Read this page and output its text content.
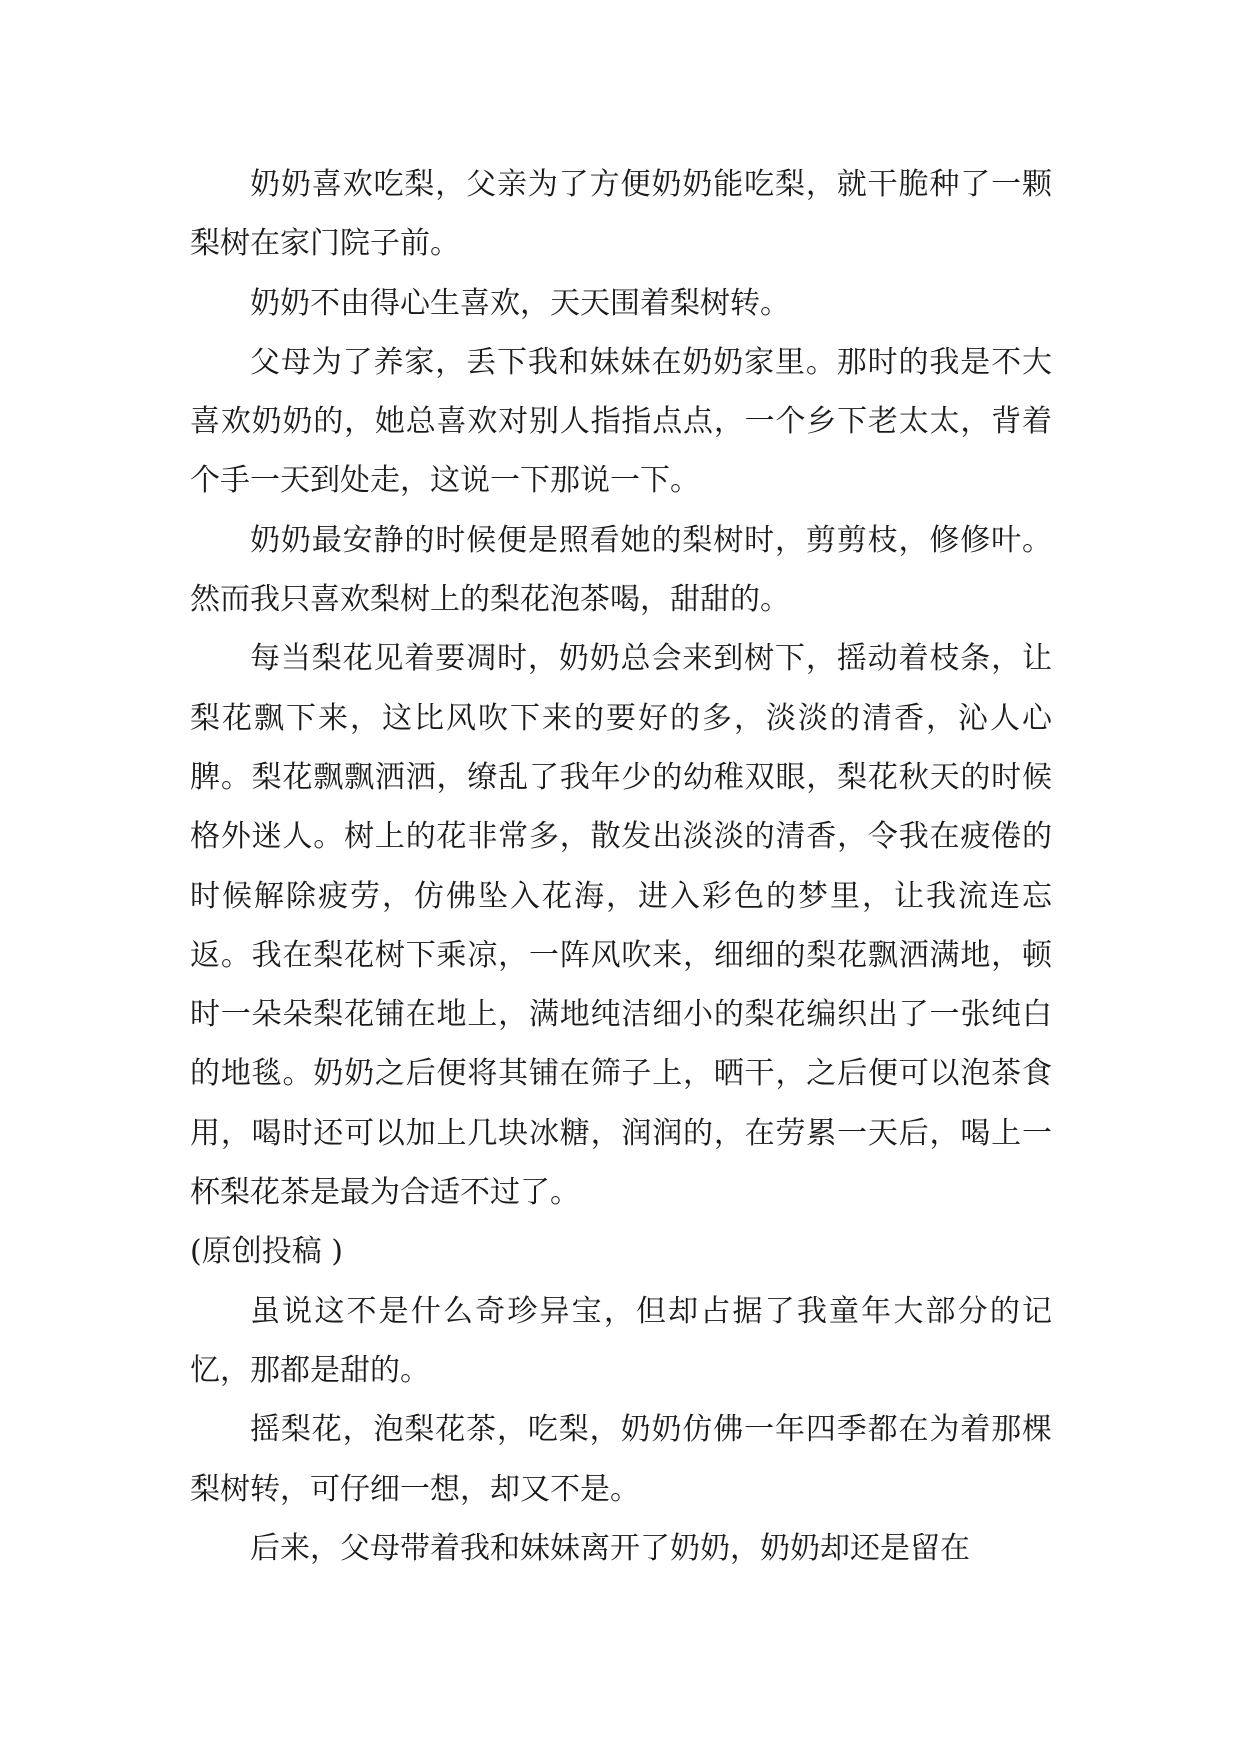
奶奶喜欢吃梨，父亲为了方便奶奶能吃梨，就干脆种了一颗梨树在家门院子前。

奶奶不由得心生喜欢，天天围着梨树转。

父母为了养家，丢下我和妹妹在奶奶家里。那时的我是不大喜欢奶奶的，她总喜欢对别人指指点点，一个乡下老太太，背着个手一天到处走，这说一下那说一下。

奶奶最安静的时候便是照看她的梨树时，剪剪枝，修修叶。然而我只喜欢梨树上的梨花泡茶喝，甜甜的。

每当梨花见着要凋时，奶奶总会来到树下，摇动着枝条，让梨花飘下来，这比风吹下来的要好的多，淡淡的清香，沁人心脾。梨花飘飘洒洒，缭乱了我年少的幼稚双眼，梨花秋天的时候格外迷人。树上的花非常多，散发出淡淡的清香，令我在疲倦的时候解除疲劳，仿佛坠入花海，进入彩色的梦里，让我流连忘返。我在梨花树下乘凉，一阵风吹来，细细的梨花飘洒满地，顿时一朵朵梨花铺在地上，满地纯洁细小的梨花编织出了一张纯白的地毯。奶奶之后便将其铺在筛子上，晒干，之后便可以泡茶食用，喝时还可以加上几块冰糖，润润的，在劳累一天后，喝上一杯梨花茶是最为合适不过了。

(原创投稿 )

虽说这不是什么奇珍异宝，但却占据了我童年大部分的记忆，那都是甜的。

摇梨花，泡梨花茶，吃梨，奶奶仿佛一年四季都在为着那棵梨树转，可仔细一想，却又不是。

后来，父母带着我和妹妹离开了奶奶，奶奶却还是留在
